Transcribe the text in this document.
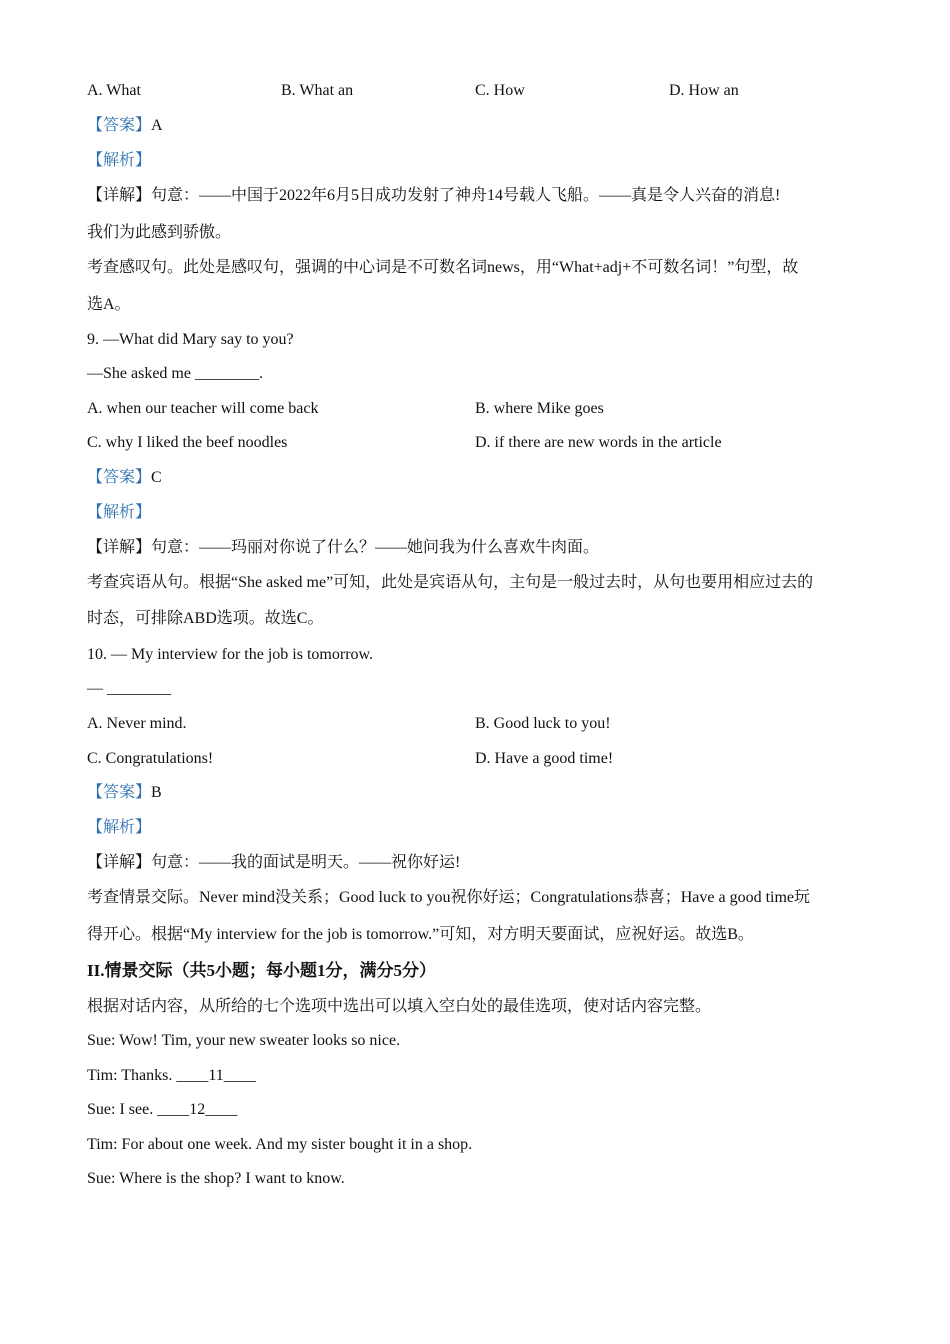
A. What	B. What an	C. How	D. How an
【答案】A
【解析】
【详解】句意：——中国于2022年6月5日成功发射了神舟14号载人飞船。——真是令人兴奋的消息!
我们为此感到骄傲。
考查感叹句。此处是感叹句，强调的中心词是不可数名词news，用“What+adj+不可数名词！”句型，故
选A。
9. —What did Mary say to you?
—She asked me ________.
A. when our teacher will come back	B. where Mike goes
C. why I liked the beef noodles	D. if there are new words in the article
【答案】C
【解析】
【详解】句意：——玛丽对你说了什么？——她问我为什么喜欢牛肉面。
考查宾语从句。根据“She asked me”可知，此处是宾语从句，主句是一般过去时，从句也要用相应过去的
时态，可排除ABD选项。故选C。
10. — My interview for the job is tomorrow.
— ________
A. Never mind.	B. Good luck to you!
C. Congratulations!	D. Have a good time!
【答案】B
【解析】
【详解】句意：——我的面试是明天。——祝你好运!
考查情景交际。Never mind没关系；Good luck to you祝你好运；Congratulations恭喜；Have a good time玩
得开心。根据“My interview for the job is tomorrow.”可知，对方明天要面试，应祝好运。故选B。
II.情景交际（共5小题；每小题1分，满分5分）
根据对话内容，从所给的七个选项中选出可以填入空白处的最佳选项，使对话内容完整。
Sue: Wow! Tim, your new sweater looks so nice.
Tim: Thanks. ____11____
Sue: I see. ____12____
Tim: For about one week. And my sister bought it in a shop.
Sue: Where is the shop? I want to know.
